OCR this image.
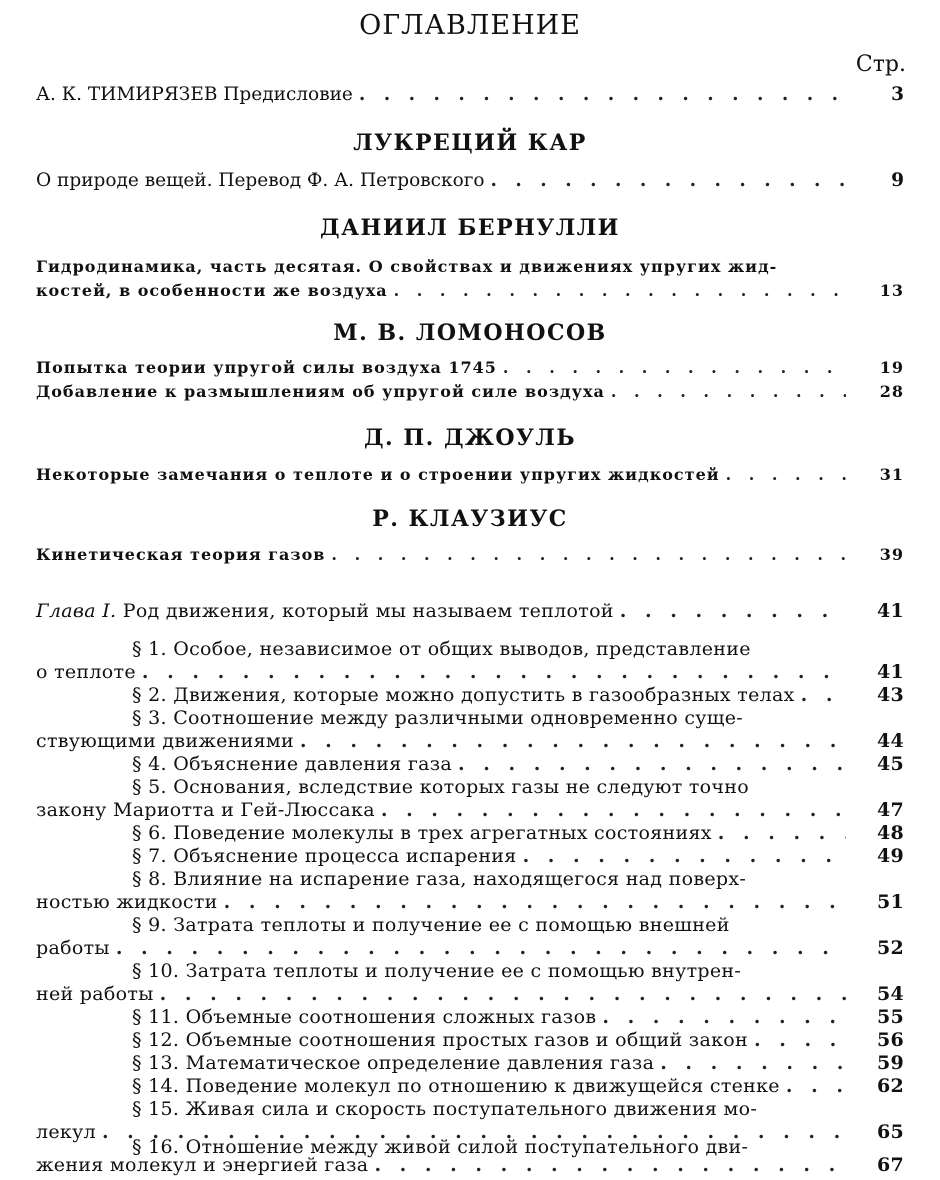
ОГЛАВЛЕНИЕ
Стр.
А. К. ТИМИРЯЗЕВ Предисловие . . .	3
ЛУКРЕЦИЙ КАР
О природе вещей. Перевод Ф. А. Петровского . . .	9
ДАНИИЛ БЕРНУЛЛИ
Гидродинамика, часть десятая. О свойствах и движениях упругих жид-
костей, в особенности же воздуха . . .	13
М. В. ЛОМОНОСОВ
Попытка теории упругой силы воздуха 1745 . . .	19
Добавление к размышлениям об упругой силе воздуха . . .	28
Д. П. ДЖОУЛЬ
Некоторые замечания о теплоте и о строении упругих жидкостей . . .	31
Р. КЛАУЗИУС
Кинетическая теория газов . . .	39
Глава I. Род движения, который мы называем теплотой . . .	41
§ 1. Особое, независимое от общих выводов, представление
о теплоте . . .	41
§ 2. Движения, которые можно допустить в газообразных телах . . .	43
§ 3. Соотношение между различными одновременно суще-
ствующими движениями . . .	44
§ 4. Объяснение давления газа . . .	45
§ 5. Основания, вследствие которых газы не следуют точно
закону Мариотта и Гей-Люссака . . .	47
§ 6. Поведение молекулы в трех агрегатных состояниях . . .	48
§ 7. Объяснение процесса испарения . . .	49
§ 8. Влияние на испарение газа, находящегося над поверх-
ностью жидкости . . .	51
§ 9. Затрата теплоты и получение ее с помощью внешней
работы . . .	52
§ 10. Затрата теплоты и получение ее с помощью внутрен-
ней работы . . .	54
§ 11. Объемные соотношения сложных газов . . .	55
§ 12. Объемные соотношения простых газов и общий закон . . .	56
§ 13. Математическое определение давления газа . . .	59
§ 14. Поведение молекул по отношению к движущейся стенке . . .	62
§ 15. Живая сила и скорость поступательного движения мо-
лекул . . .	65
§ 16. Отношение между живой силой поступательного дви-
жения молекул и энергией газа . . .	67
